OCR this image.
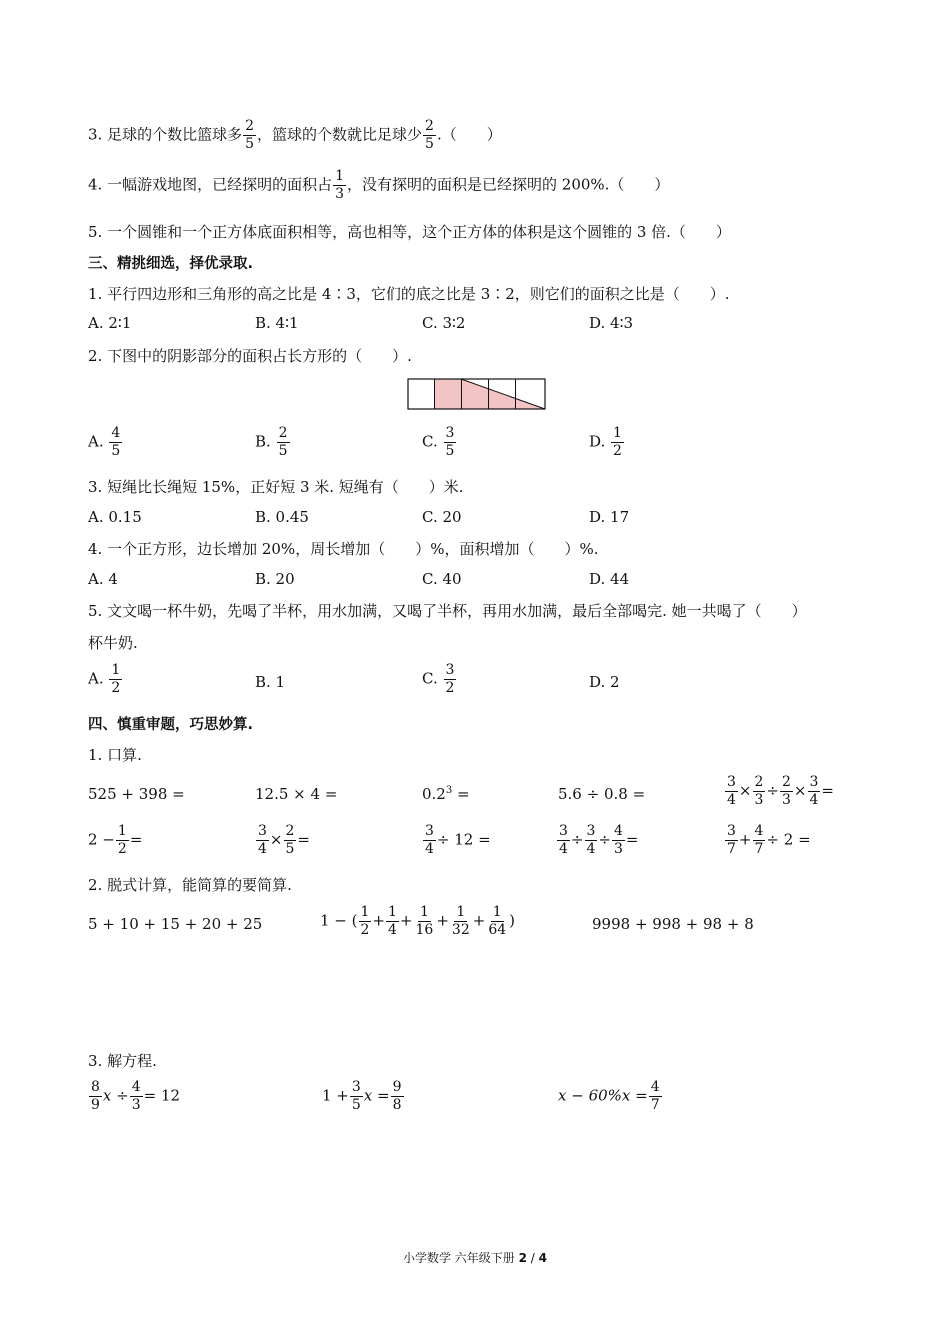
3. 足球的个数比篮球多 $\frac{2}{5}$ ，篮球的个数就比足球少 $\frac{2}{5}$ .（　　）
4. 一幅游戏地图，已经探明的面积占 $\frac{1}{3}$ ，没有探明的面积是已经探明的 200%.（　　）
5. 一个圆锥和一个正方体底面积相等，高也相等，这个正方体的体积是这个圆锥的 3 倍.（　　）
三、精挑细选，择优录取.
1. 平行四边形和三角形的高之比是 4∶3，它们的底之比是 3∶2，则它们的面积之比是（　　）.
A. 2∶1	B. 4∶1	C. 3∶2	D. 4∶3
2. 下图中的阴影部分的面积占长方形的（　　）.
A. $\frac{4}{5}$	B. $\frac{2}{5}$	C. $\frac{3}{5}$	D. $\frac{1}{2}$
3. 短绳比长绳短 15%，正好短 3 米. 短绳有（　　）米.
A. 0.15	B. 0.45	C. 20	D. 17
4. 一个正方形，边长增加 20%，周长增加（　　）%，面积增加（　　）%.
A. 4	B. 20	C. 40	D. 44
5. 文文喝一杯牛奶，先喝了半杯，用水加满，又喝了半杯，再用水加满，最后全部喝完. 她一共喝了（　　）
杯牛奶.
A. $\frac{1}{2}$	B. 1	C. $\frac{3}{2}$	D. 2
四、慎重审题，巧思妙算.
1. 口算.
525 + 398 =	12.5 × 4 =	$0.2^3$ =	5.6 ÷ 0.8 =	$\frac{3}{4} \times \frac{2}{3} \div \frac{2}{3} \times \frac{3}{4}$ =
$2 - \frac{1}{2}$ =	$\frac{3}{4} \times \frac{2}{5}$ =	$\frac{3}{4} \div 12$ =	$\frac{3}{4} \div \frac{3}{4} \div \frac{4}{3}$ =	$\frac{3}{7} + \frac{4}{7} \div 2$ =
2. 脱式计算，能简算的要简算.
5 + 10 + 15 + 20 + 25	1 − ( $\frac{1}{2} + \frac{1}{4} + \frac{1}{16} + \frac{1}{32} + \frac{1}{64}$ )	9998 + 998 + 98 + 8
3. 解方程.
$\frac{8}{9}$ $x \div \frac{4}{3} = 12$	$1 + \frac{3}{5}$ $x = \frac{9}{8}$	$x - 60\%x = \frac{4}{7}$
小学数学 六年级下册 2 / 4
